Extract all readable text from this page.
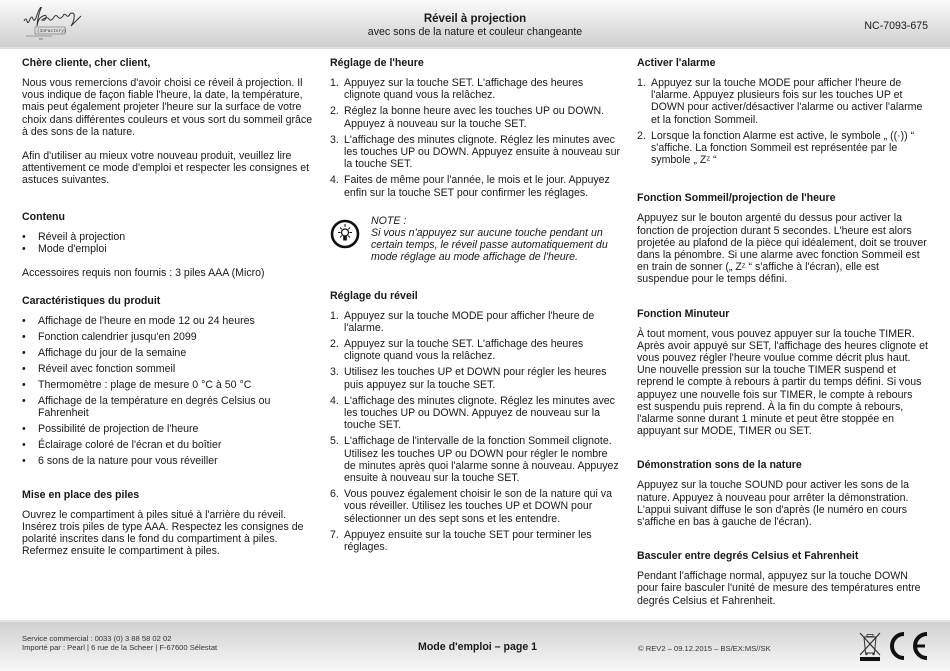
(InFactory)
TM
Réveil à projection
avec sons de la nature et couleur changeante	NC-7093-675
Chère cliente, cher client,

Nous vous remercions d'avoir choisi ce réveil à projection. Il vous indique de façon fiable l'heure, la date, la température, mais peut également projeter l'heure sur la surface de votre choix dans différentes couleurs et vous sort du sommeil grâce à des sons de la nature.

Afin d'utiliser au mieux votre nouveau produit, veuillez lire attentivement ce mode d'emploi et respecter les consignes et astuces suivantes.

Contenu
• Réveil à projection
• Mode d'emploi

Accessoires requis non fournis : 3 piles AAA (Micro)

Caractéristiques du produit
• Affichage de l'heure en mode 12 ou 24 heures
• Fonction calendrier jusqu'en 2099
• Affichage du jour de la semaine
• Réveil avec fonction sommeil
• Thermomètre : plage de mesure 0 °C à 50 °C
• Affichage de la température en degrés Celsius ou Fahrenheit
• Possibilité de projection de l'heure
• Éclairage coloré de l'écran et du boîtier
• 6 sons de la nature pour vous réveiller
Mise en place des piles

Ouvrez le compartiment à piles situé à l'arrière du réveil. Insérez trois piles de type AAA. Respectez les consignes de polarité inscrites dans le fond du compartiment à piles. Refermez ensuite le compartiment à piles.

Réglage de l'heure
1. Appuyez sur la touche SET. L'affichage des heures clignote quand vous la relâchez.
2. Réglez la bonne heure avec les touches UP ou DOWN. Appuyez à nouveau sur la touche SET.
3. L'affichage des minutes clignote. Réglez les minutes avec les touches UP ou DOWN. Appuyez ensuite à nouveau sur la touche SET.
4. Faites de même pour l'année, le mois et le jour. Appuyez enfin sur la touche SET pour confirmer les réglages.
NOTE :
Si vous n'appuyez sur aucune touche pendant un certain temps, le réveil passe automatiquement du mode réglage au mode affichage de l'heure.
Réglage du réveil
1. Appuyez sur la touche MODE pour afficher l'heure de l'alarme.
2. Appuyez sur la touche SET. L'affichage des heures clignote quand vous la relâchez.
3. Utilisez les touches UP et DOWN pour régler les heures puis appuyez sur la touche SET.
4. L'affichage des minutes clignote. Réglez les minutes avec les touches UP ou DOWN. Appuyez de nouveau sur la touche SET.
5. L'affichage de l'intervalle de la fonction Sommeil clignote. Utilisez les touches UP ou DOWN pour régler le nombre de minutes après quoi l'alarme sonne à nouveau. Appuyez ensuite à nouveau sur la touche SET.
6. Vous pouvez également choisir le son de la nature qui va vous réveiller. Utilisez les touches UP et DOWN pour sélectionner un des sept sons et les entendre.
7. Appuyez ensuite sur la touche SET pour terminer les réglages.
Activer l'alarme
1. Appuyez sur la touche MODE pour afficher l'heure de l'alarme. Appuyez plusieurs fois sur les touches UP et DOWN pour activer/désactiver l'alarme ou activer l'alarme et la fonction Sommeil.
2. Lorsque la fonction Alarme est active, le symbole „ ((·)) “ s'affiche. La fonction Sommeil est représentée par le symbole „ Zᶻ “
Fonction Sommeil/projection de l'heure

Appuyez sur le bouton argenté du dessus pour activer la fonction de projection durant 5 secondes. L'heure est alors projetée au plafond de la pièce qui idéalement, doit se trouver dans la pénombre. Si une alarme avec fonction Sommeil est en train de sonner („ Zᶻ “ s'affiche à l'écran), elle est suspendue pour le temps défini.

Fonction Minuteur

À tout moment, vous pouvez appuyer sur la touche TIMER. Après avoir appuyé sur SET, l'affichage des heures clignote et vous pouvez régler l'heure voulue comme décrit plus haut. Une nouvelle pression sur la touche TIMER suspend et reprend le compte à rebours à partir du temps défini. Si vous appuyez une nouvelle fois sur TIMER, le compte à rebours est suspendu puis reprend. À la fin du compte à rebours, l'alarme sonne durant 1 minute et peut être stoppée en appuyant sur MODE, TIMER ou SET.

Démonstration sons de la nature

Appuyez sur la touche SOUND pour activer les sons de la nature. Appuyez à nouveau pour arrêter la démonstration. L'appui suivant diffuse le son d'après (le numéro en cours s'affiche en bas à gauche de l'écran).

Basculer entre degrés Celsius et Fahrenheit

Pendant l'affichage normal, appuyez sur la touche DOWN pour faire basculer l'unité de mesure des températures entre degrés Celsius et Fahrenheit.

Service commercial : 0033 (0) 3 88 58 02 02
Importé par : Pearl | 6 rue de la Scheer | F-67600 Sélestat	Mode d'emploi – page 1	© REV2 – 09.12.2015 – BS/EX:MS//SK
